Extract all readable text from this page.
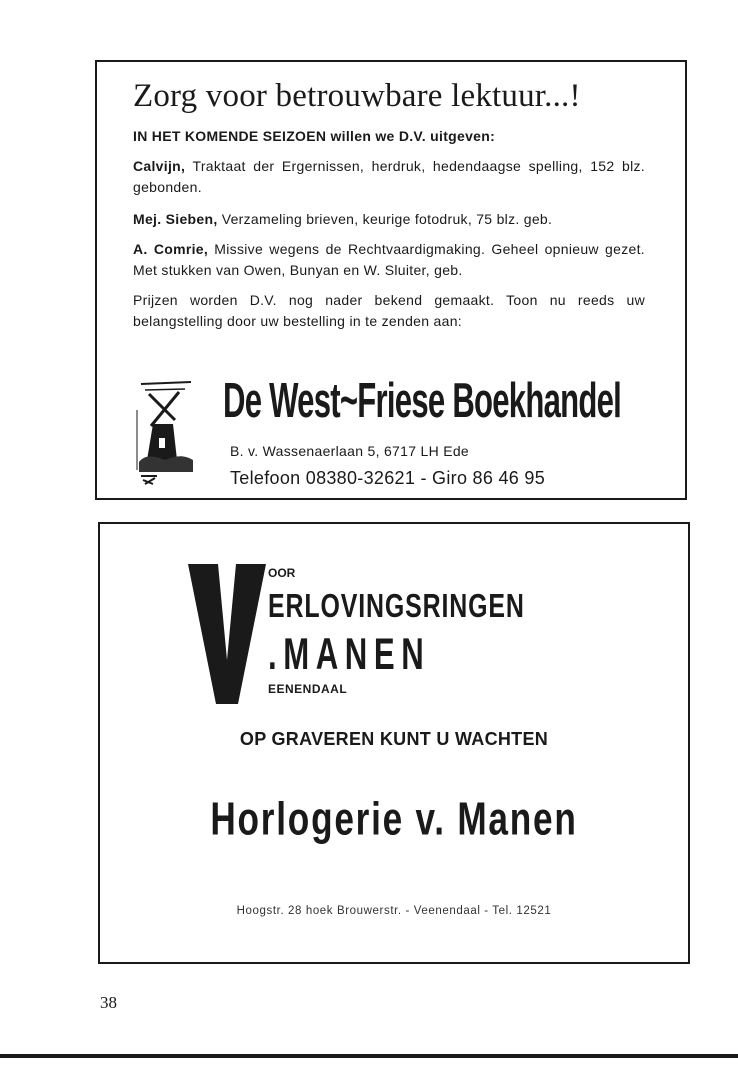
Zorg voor betrouwbare lektuur...!
IN HET KOMENDE SEIZOEN willen we D.V. uitgeven:
Calvijn, Traktaat der Ergernissen, herdruk, hedendaagse spelling, 152 blz. gebonden.
Mej. Sieben, Verzameling brieven, keurige fotodruk, 75 blz. geb.
A. Comrie, Missive wegens de Rechtvaardigmaking. Geheel opnieuw gezet. Met stukken van Owen, Bunyan en W. Sluiter, geb.
Prijzen worden D.V. nog nader bekend gemaakt. Toon nu reeds uw belangstelling door uw bestelling in te zenden aan:
De West~Friese Boekhandel
B. v. Wassenaerlaan 5, 6717 LH Ede
Telefoon 08380-32621 - Giro 86 46 95
OOR
ERLOVINGSRINGEN
.MANEN
EENENDAAL
OP GRAVEREN KUNT U WACHTEN
Horlogerie v. Manen
Hoogstr. 28 hoek Brouwerstr. - Veenendaal - Tel. 12521
38
